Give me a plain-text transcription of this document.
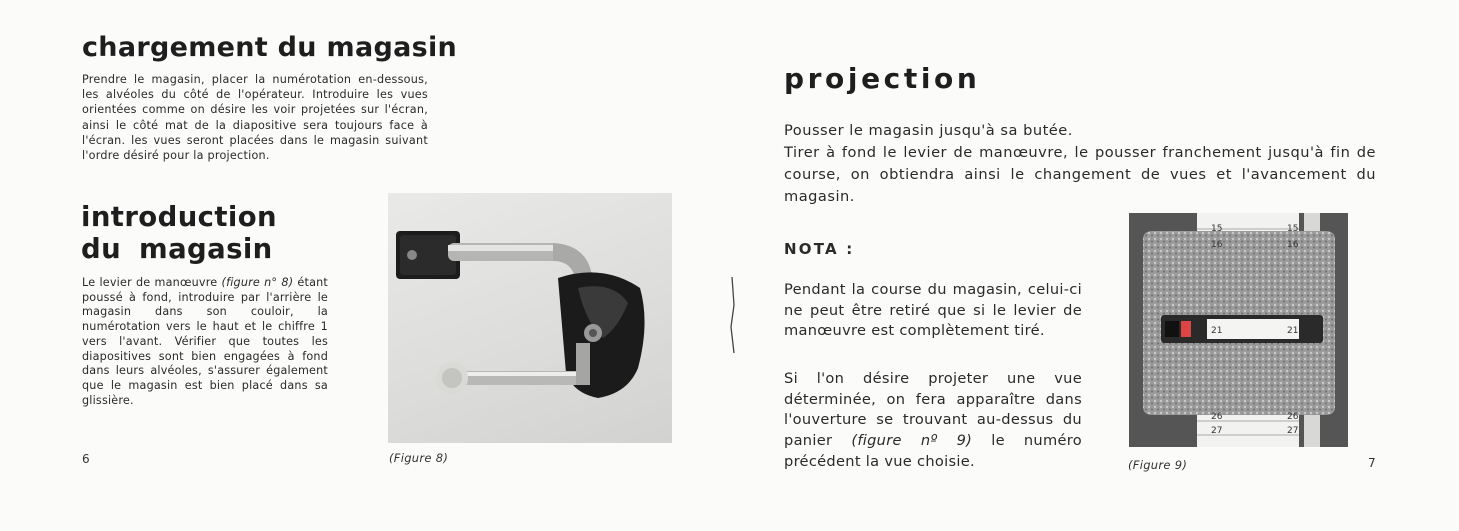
chargement du magasin

Prendre le magasin, placer la numérotation en-dessous, les alvéoles du côté de l'opérateur. Introduire les vues orientées comme on désire les voir projetées sur l'écran, ainsi le côté mat de la diapositive sera toujours face à l'écran. les vues seront placées dans le magasin suivant l'ordre désiré pour la projection.

introduction
du magasin

Le levier de manœuvre (figure n° 8) étant poussé à fond, introduire par l'arrière le magasin dans son couloir, la numérotation vers le haut et le chiffre 1 vers l'avant. Vérifier que toutes les diapositives sont bien engagées à fond dans leurs alvéoles, s'assurer également que le magasin est bien placé dans sa glissière.

(Figure 8)
6
projection

Pousser le magasin jusqu'à sa butée.
Tirer à fond le levier de manœuvre, le pousser franchement jusqu'à fin de course, on obtiendra ainsi le changement de vues et l'avancement du magasin.

NOTA :

Pendant la course du magasin, celui-ci ne peut être retiré que si le levier de manœuvre est complètement tiré.

Si l'on désire projeter une vue déterminée, on fera apparaître dans l'ouverture se trouvant au-dessus du panier (figure nº 9) le numéro précédent la vue choisie.

15	15
16	16
21	21
26	26
27	27
(Figure 9)	7
